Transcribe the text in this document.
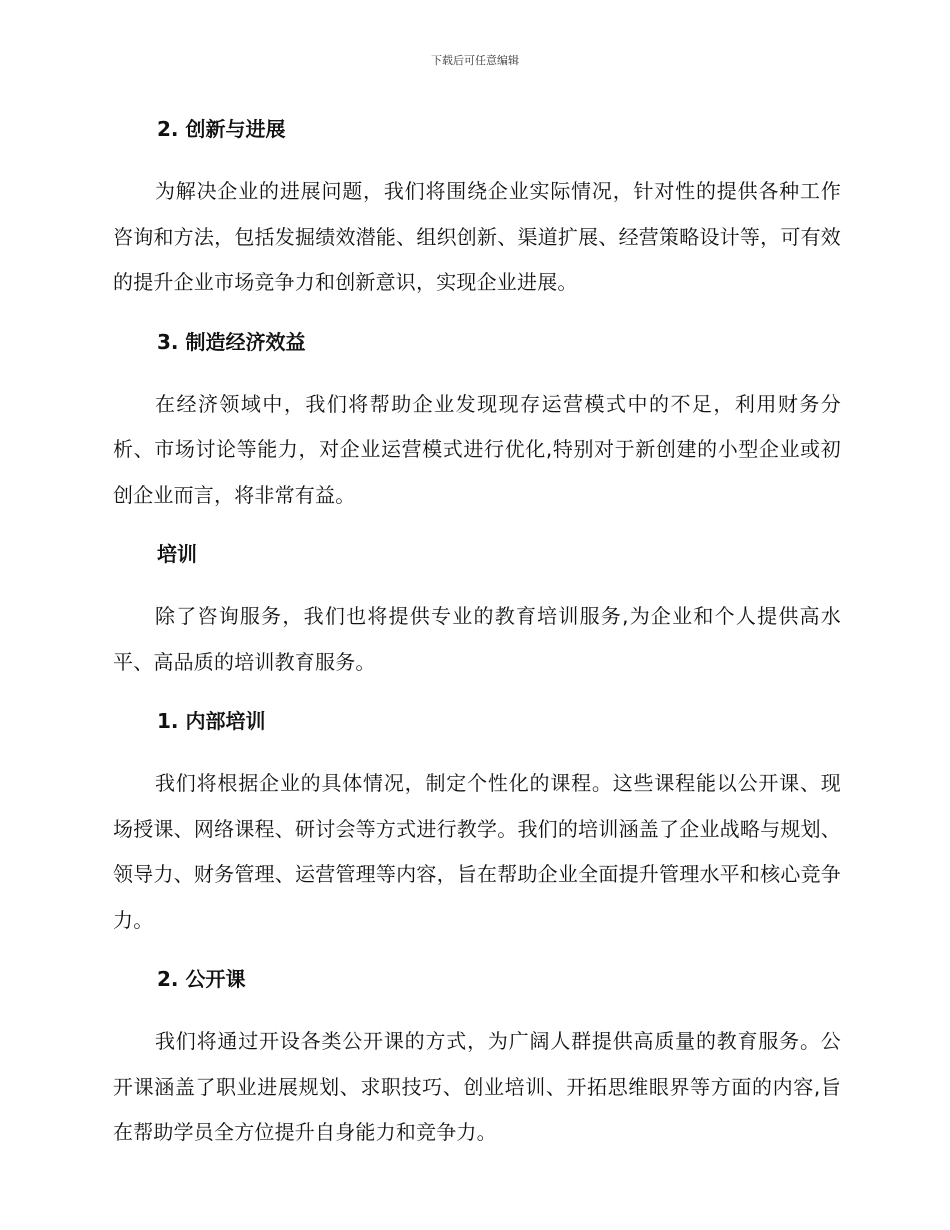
下载后可任意编辑
2. 创新与进展

为解决企业的进展问题，我们将围绕企业实际情况，针对性的提供各种工作咨询和方法，包括发掘绩效潜能、组织创新、渠道扩展、经营策略设计等，可有效的提升企业市场竞争力和创新意识，实现企业进展。

3. 制造经济效益

在经济领域中，我们将帮助企业发现现存运营模式中的不足，利用财务分析、市场讨论等能力，对企业运营模式进行优化,特别对于新创建的小型企业或初创企业而言，将非常有益。

培训

除了咨询服务，我们也将提供专业的教育培训服务,为企业和个人提供高水平、高品质的培训教育服务。

1. 内部培训

我们将根据企业的具体情况，制定个性化的课程。这些课程能以公开课、现场授课、网络课程、研讨会等方式进行教学。我们的培训涵盖了企业战略与规划、领导力、财务管理、运营管理等内容，旨在帮助企业全面提升管理水平和核心竞争力。

2. 公开课

我们将通过开设各类公开课的方式，为广阔人群提供高质量的教育服务。公开课涵盖了职业进展规划、求职技巧、创业培训、开拓思维眼界等方面的内容,旨在帮助学员全方位提升自身能力和竞争力。
